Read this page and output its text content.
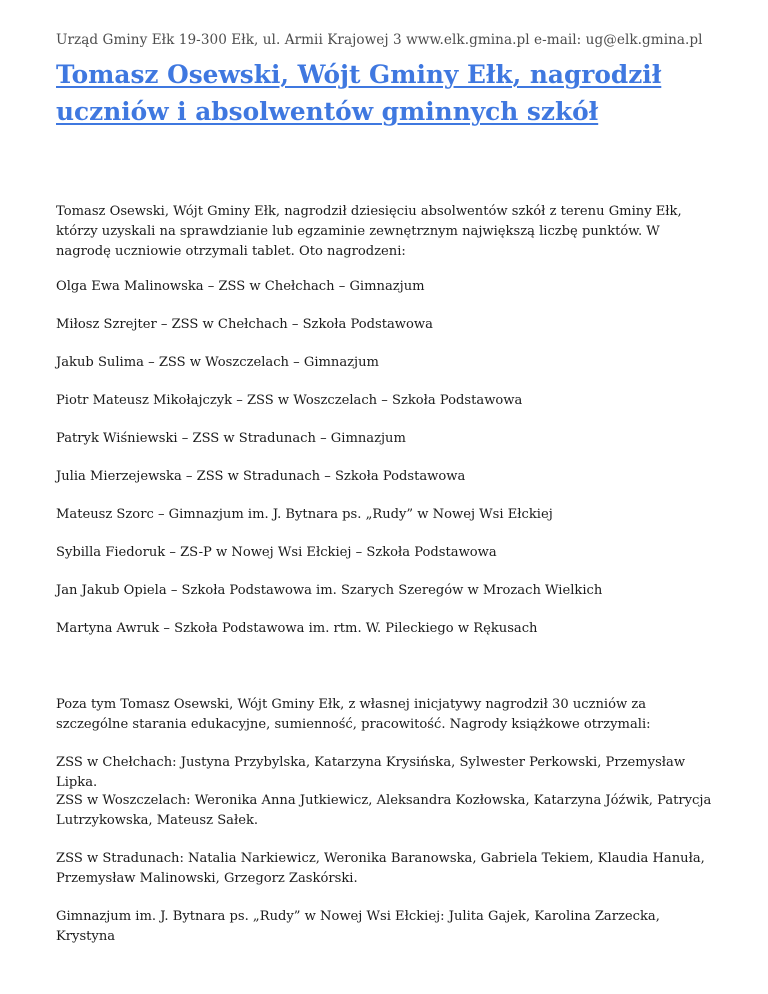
Urząd Gminy Ełk 19-300 Ełk, ul. Armii Krajowej 3 www.elk.gmina.pl e-mail: ug@elk.gmina.pl
Tomasz Osewski, Wójt Gminy Ełk, nagrodził uczniów i absolwentów gminnych szkół

Tomasz Osewski, Wójt Gminy Ełk, nagrodził dziesięciu absolwentów szkół z terenu Gminy Ełk, którzy uzyskali na sprawdzianie lub egzaminie zewnętrznym największą liczbę punktów. W nagrodę uczniowie otrzymali tablet. Oto nagrodzeni:

Olga Ewa Malinowska – ZSS w Chełchach – Gimnazjum

Miłosz Szrejter – ZSS w Chełchach – Szkoła Podstawowa

Jakub Sulima – ZSS w Woszczelach – Gimnazjum

Piotr Mateusz Mikołajczyk – ZSS w Woszczelach – Szkoła Podstawowa

Patryk Wiśniewski – ZSS w Stradunach – Gimnazjum

Julia Mierzejewska – ZSS w Stradunach – Szkoła Podstawowa

Mateusz Szorc – Gimnazjum im. J. Bytnara ps. „Rudy” w Nowej Wsi Ełckiej

Sybilla Fiedoruk – ZS-P w Nowej Wsi Ełckiej – Szkoła Podstawowa

Jan Jakub Opiela – Szkoła Podstawowa im. Szarych Szeregów w Mrozach Wielkich

Martyna Awruk – Szkoła Podstawowa im. rtm. W. Pileckiego w Rękusach

Poza tym Tomasz Osewski, Wójt Gminy Ełk, z własnej inicjatywy nagrodził 30 uczniów za szczególne starania edukacyjne, sumienność, pracowitość. Nagrody książkowe otrzymali:

ZSS w Chełchach: Justyna Przybylska, Katarzyna Krysińska, Sylwester Perkowski, Przemysław Lipka.

ZSS w Woszczelach: Weronika Anna Jutkiewicz, Aleksandra Kozłowska, Katarzyna Jóźwik, Patrycja Lutrzykowska, Mateusz Sałek.

ZSS w Stradunach: Natalia Narkiewicz, Weronika Baranowska, Gabriela Tekiem, Klaudia Hanuła, Przemysław Malinowski, Grzegorz Zaskórski.

Gimnazjum im. J. Bytnara ps. „Rudy” w Nowej Wsi Ełckiej: Julita Gajek, Karolina Zarzecka, Krystyna
